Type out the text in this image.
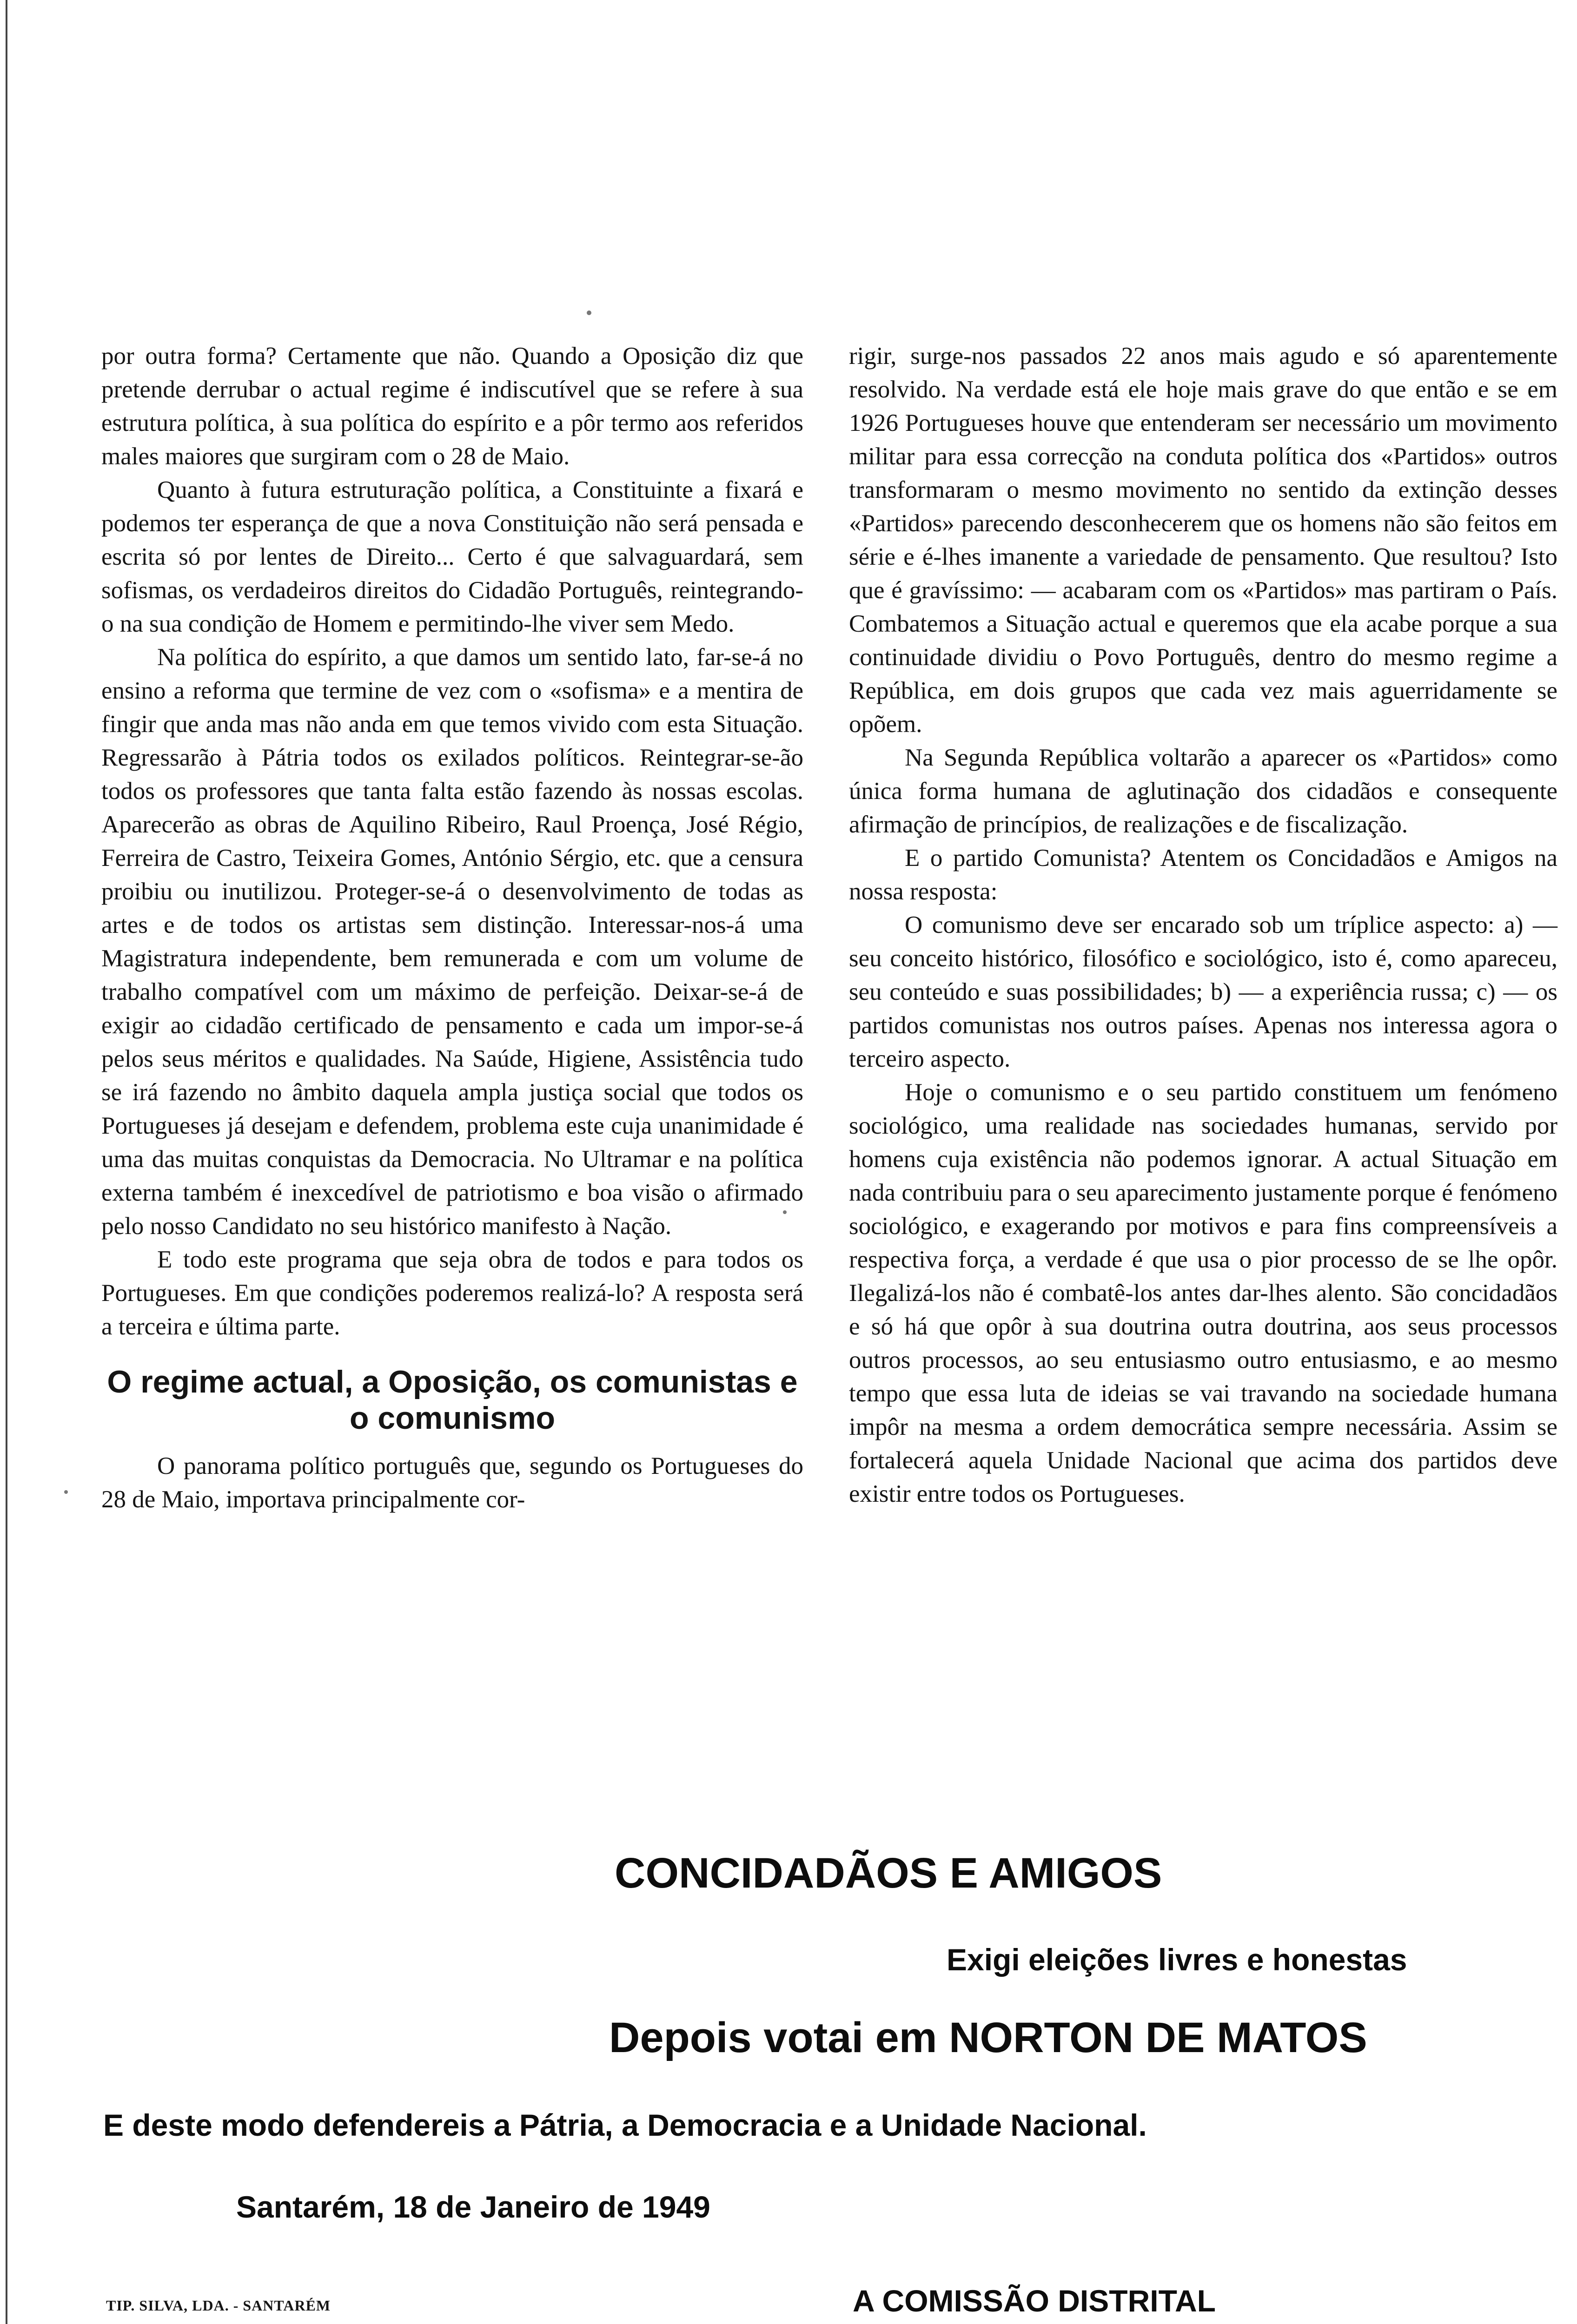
por outra forma? Certamente que não. Quando a Oposição diz que pretende derrubar o actual regime é indiscutível que se refere à sua estrutura política, à sua política do espírito e a pôr termo aos referidos males maiores que surgiram com o 28 de Maio.

Quanto à futura estruturação política, a Constituinte a fixará e podemos ter esperança de que a nova Constituição não será pensada e escrita só por lentes de Direito... Certo é que salvaguardará, sem sofismas, os verdadeiros direitos do Cidadão Português, reintegrando-o na sua condição de Homem e permitindo-lhe viver sem Medo.

Na política do espírito, a que damos um sentido lato, far-se-á no ensino a reforma que termine de vez com o «sofisma» e a mentira de fingir que anda mas não anda em que temos vivido com esta Situação. Regressarão à Pátria todos os exilados políticos. Reintegrar-se-ão todos os professores que tanta falta estão fazendo às nossas escolas. Aparecerão as obras de Aquilino Ribeiro, Raul Proença, José Régio, Ferreira de Castro, Teixeira Gomes, António Sérgio, etc. que a censura proibiu ou inutilizou. Proteger-se-á o desenvolvimento de todas as artes e de todos os artistas sem distinção. Interessar-nos-á uma Magistratura independente, bem remunerada e com um volume de trabalho compatível com um máximo de perfeição. Deixar-se-á de exigir ao cidadão certificado de pensamento e cada um impor-se-á pelos seus méritos e qualidades. Na Saúde, Higiene, Assistência tudo se irá fazendo no âmbito daquela ampla justiça social que todos os Portugueses já desejam e defendem, problema este cuja unanimidade é uma das muitas conquistas da Democracia. No Ultramar e na política externa também é inexcedível de patriotismo e boa visão o afirmado pelo nosso Candidato no seu histórico manifesto à Nação.

E todo este programa que seja obra de todos e para todos os Portugueses. Em que condições poderemos realizá-lo? A resposta será a terceira e última parte.

O regime actual, a Oposição, os comunistas e o comunismo

O panorama político português que, segundo os Portugueses do 28 de Maio, importava principalmente cor-

rigir, surge-nos passados 22 anos mais agudo e só aparentemente resolvido. Na verdade está ele hoje mais grave do que então e se em 1926 Portugueses houve que entenderam ser necessário um movimento militar para essa correcção na conduta política dos «Partidos» outros transformaram o mesmo movimento no sentido da extinção desses «Partidos» parecendo desconhecerem que os homens não são feitos em série e é-lhes imanente a variedade de pensamento. Que resultou? Isto que é gravíssimo: — acabaram com os «Partidos» mas partiram o País. Combatemos a Situação actual e queremos que ela acabe porque a sua continuidade dividiu o Povo Português, dentro do mesmo regime a República, em dois grupos que cada vez mais aguerridamente se opõem.

Na Segunda República voltarão a aparecer os «Partidos» como única forma humana de aglutinação dos cidadãos e consequente afirmação de princípios, de realizações e de fiscalização.

E o partido Comunista? Atentem os Concidadãos e Amigos na nossa resposta:

O comunismo deve ser encarado sob um tríplice aspecto: a) — seu conceito histórico, filosófico e sociológico, isto é, como apareceu, seu conteúdo e suas possibilidades; b) — a experiência russa; c) — os partidos comunistas nos outros países. Apenas nos interessa agora o terceiro aspecto.

Hoje o comunismo e o seu partido constituem um fenómeno sociológico, uma realidade nas sociedades humanas, servido por homens cuja existência não podemos ignorar. A actual Situação em nada contribuiu para o seu aparecimento justamente porque é fenómeno sociológico, e exagerando por motivos e para fins compreensíveis a respectiva força, a verdade é que usa o pior processo de se lhe opôr. Ilegalizá-los não é combatê-los antes dar-lhes alento. São concidadãos e só há que opôr à sua doutrina outra doutrina, aos seus processos outros processos, ao seu entusiasmo outro entusiasmo, e ao mesmo tempo que essa luta de ideias se vai travando na sociedade humana impôr na mesma a ordem democrática sempre necessária. Assim se fortalecerá aquela Unidade Nacional que acima dos partidos deve existir entre todos os Portugueses.

CONCIDADÃOS E AMIGOS
Exigi eleições livres e honestas
Depois votai em NORTON DE MATOS
E deste modo defendereis a Pátria, a Democracia e a Unidade Nacional.
Santarém, 18 de Janeiro de 1949
A COMISSÃO DISTRITAL
TIP. SILVA, LDA. - SANTARÉM
